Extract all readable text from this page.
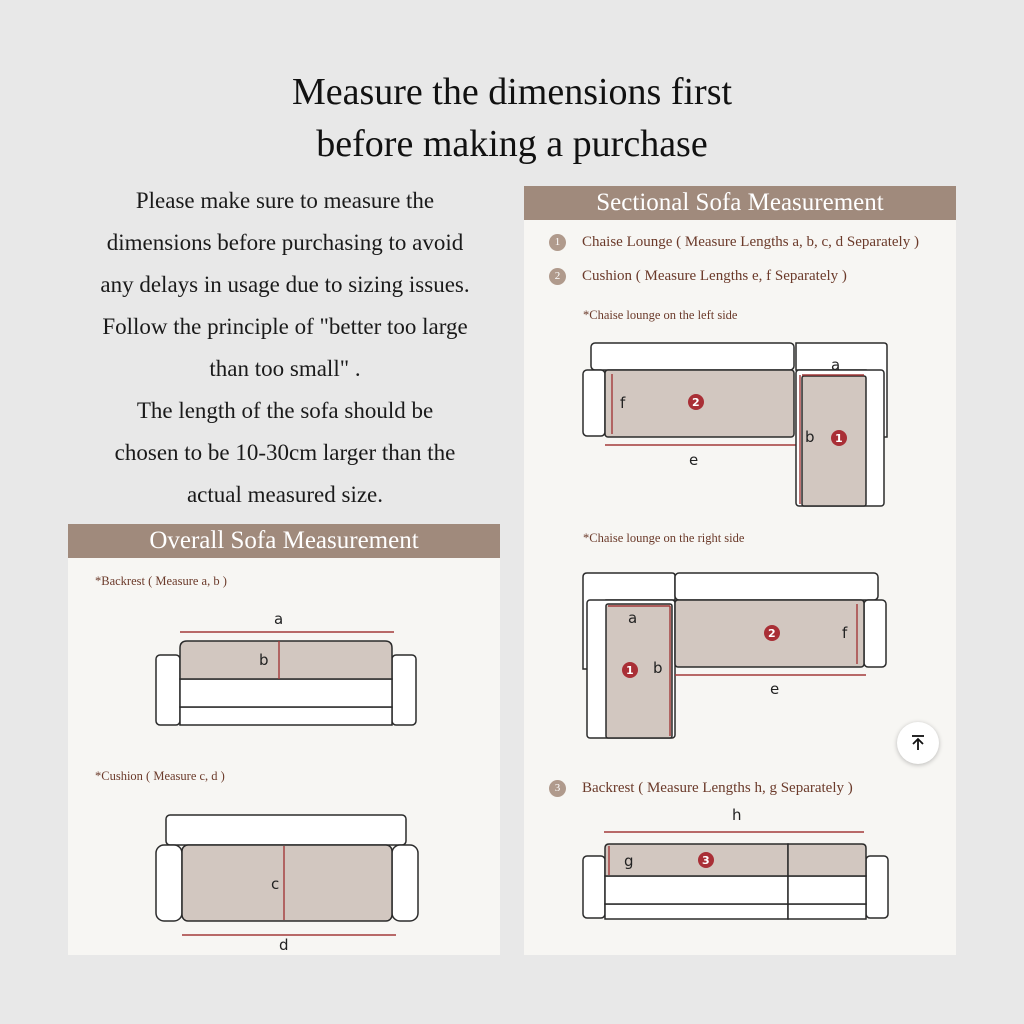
Measure the dimensions first
before making a purchase
Please make sure to measure the
dimensions before purchasing to avoid
any delays in usage due to sizing issues.
Follow the principle of "better too large
than too small" .
The length of the sofa should be
chosen to be 10-30cm larger than the
actual measured size.
Overall Sofa Measurement
*Backrest ( Measure a, b )
*Cushion ( Measure c, d )
a
b
c
d
Sectional Sofa Measurement
1 Chaise Lounge ( Measure Lengths a, b, c, d Separately )
2 Cushion ( Measure Lengths e, f Separately )
*Chaise lounge on the left side
*Chaise lounge on the right side
3 Backrest ( Measure Lengths h, g Separately )
f	2
e
a
b 1
a
b
1
f
2
e
h
g	3
